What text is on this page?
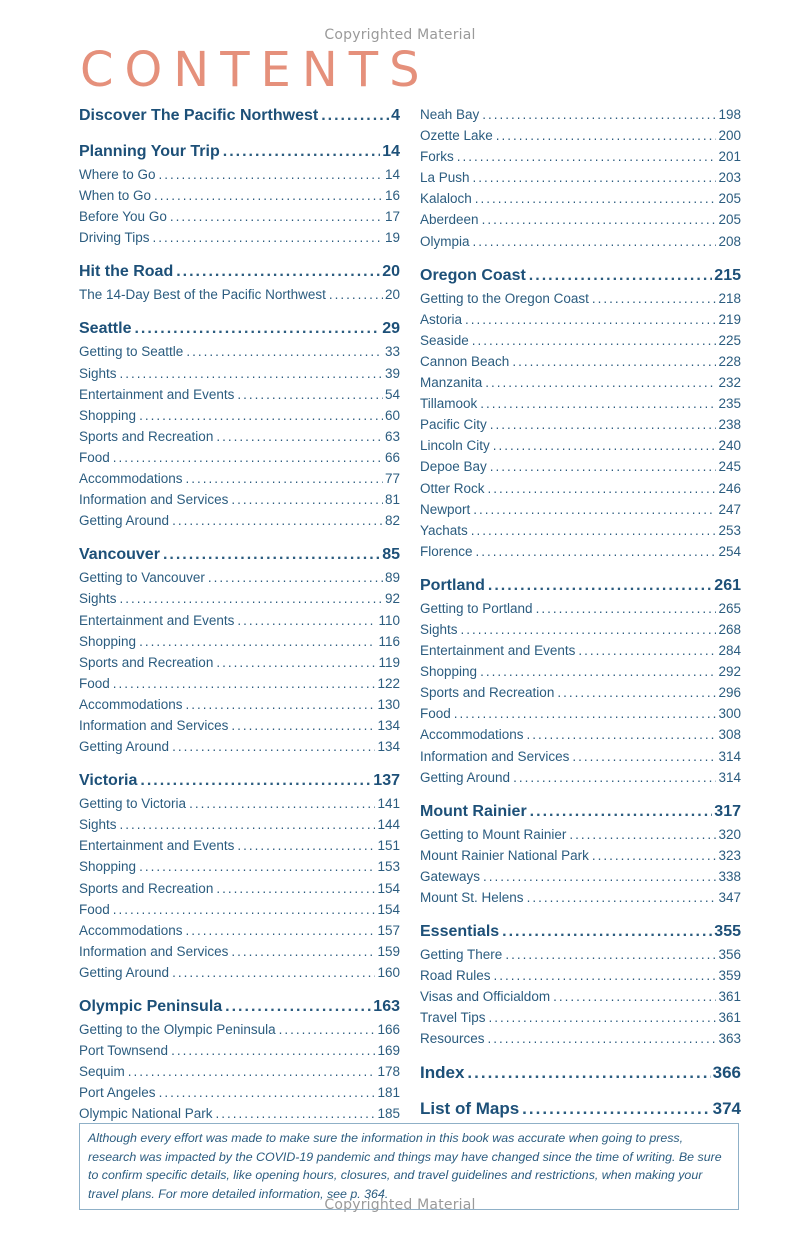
Copyrighted Material
CONTENTS
Discover The Pacific Northwest .....	4
Planning Your Trip .....	14
Where to Go .....	14
When to Go .....	16
Before You Go .....	17
Driving Tips .....	19
Hit the Road .....	20
The 14-Day Best of the Pacific Northwest .....	20
Seattle .....	29
Getting to Seattle .....	33
Sights .....	39
Entertainment and Events .....	54
Shopping .....	60
Sports and Recreation .....	63
Food .....	66
Accommodations .....	77
Information and Services .....	81
Getting Around .....	82
Vancouver .....	85
Getting to Vancouver .....	89
Sights .....	92
Entertainment and Events .....	110
Shopping .....	116
Sports and Recreation .....	119
Food .....	122
Accommodations .....	130
Information and Services .....	134
Getting Around .....	134
Victoria .....	137
Getting to Victoria .....	141
Sights .....	144
Entertainment and Events .....	151
Shopping .....	153
Sports and Recreation .....	154
Food .....	154
Accommodations .....	157
Information and Services .....	159
Getting Around .....	160
Olympic Peninsula .....	163
Getting to the Olympic Peninsula .....	166
Port Townsend .....	169
Sequim .....	178
Port Angeles .....	181
Olympic National Park .....	185
Neah Bay .....	198
Ozette Lake .....	200
Forks .....	201
La Push .....	203
Kalaloch .....	205
Aberdeen .....	205
Olympia .....	208
Oregon Coast .....	215
Getting to the Oregon Coast .....	218
Astoria .....	219
Seaside .....	225
Cannon Beach .....	228
Manzanita .....	232
Tillamook .....	235
Pacific City .....	238
Lincoln City .....	240
Depoe Bay .....	245
Otter Rock .....	246
Newport .....	247
Yachats .....	253
Florence .....	254
Portland .....	261
Getting to Portland .....	265
Sights .....	268
Entertainment and Events .....	284
Shopping .....	292
Sports and Recreation .....	296
Food .....	300
Accommodations .....	308
Information and Services .....	314
Getting Around .....	314
Mount Rainier .....	317
Getting to Mount Rainier .....	320
Mount Rainier National Park .....	323
Gateways .....	338
Mount St. Helens .....	347
Essentials .....	355
Getting There .....	356
Road Rules .....	359
Visas and Officialdom .....	361
Travel Tips .....	361
Resources .....	363
Index .....	366
List of Maps .....	374
Although every effort was made to make sure the information in this book was accurate when going to press, research was impacted by the COVID-19 pandemic and things may have changed since the time of writing. Be sure to confirm specific details, like opening hours, closures, and travel guidelines and restrictions, when making your travel plans. For more detailed information, see p. 364.
Copyrighted Material
